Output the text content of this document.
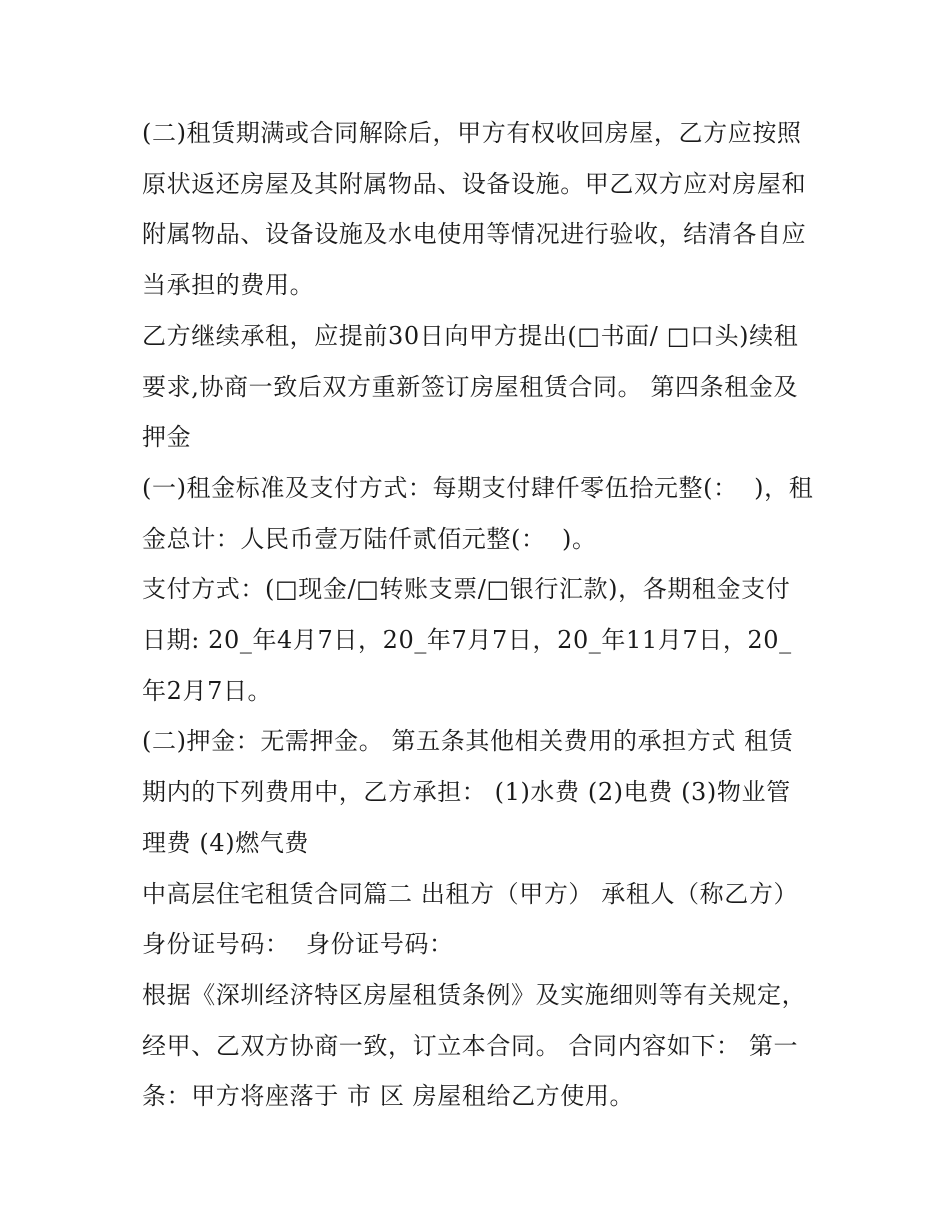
(二)租赁期满或合同解除后，甲方有权收回房屋，乙方应按照原状返还房屋及其附属物品、设备设施。甲乙双方应对房屋和附属物品、设备设施及水电使用等情况进行验收，结清各自应当承担的费用。

乙方继续承租，应提前30日向甲方提出(□书面/ □口头)续租要求,协商一致后双方重新签订房屋租赁合同。 第四条租金及押金

(一)租金标准及支付方式：每期支付肆仟零伍拾元整(：  )，租金总计：人民币壹万陆仟贰佰元整(：  )。

支付方式：(□现金/□转账支票/□银行汇款)，各期租金支付日期: 20_年4月7日，20_年7月7日，20_年11月7日，20_年2月7日。

(二)押金：无需押金。 第五条其他相关费用的承担方式 租赁期内的下列费用中，乙方承担： (1)水费 (2)电费 (3)物业管理费 (4)燃气费

中高层住宅租赁合同篇二 出租方（甲方） 承租人（称乙方） 身份证号码：  身份证号码：

根据《深圳经济特区房屋租赁条例》及实施细则等有关规定，经甲、乙双方协商一致，订立本合同。 合同内容如下： 第一条：甲方将座落于 市 区 房屋租给乙方使用。
